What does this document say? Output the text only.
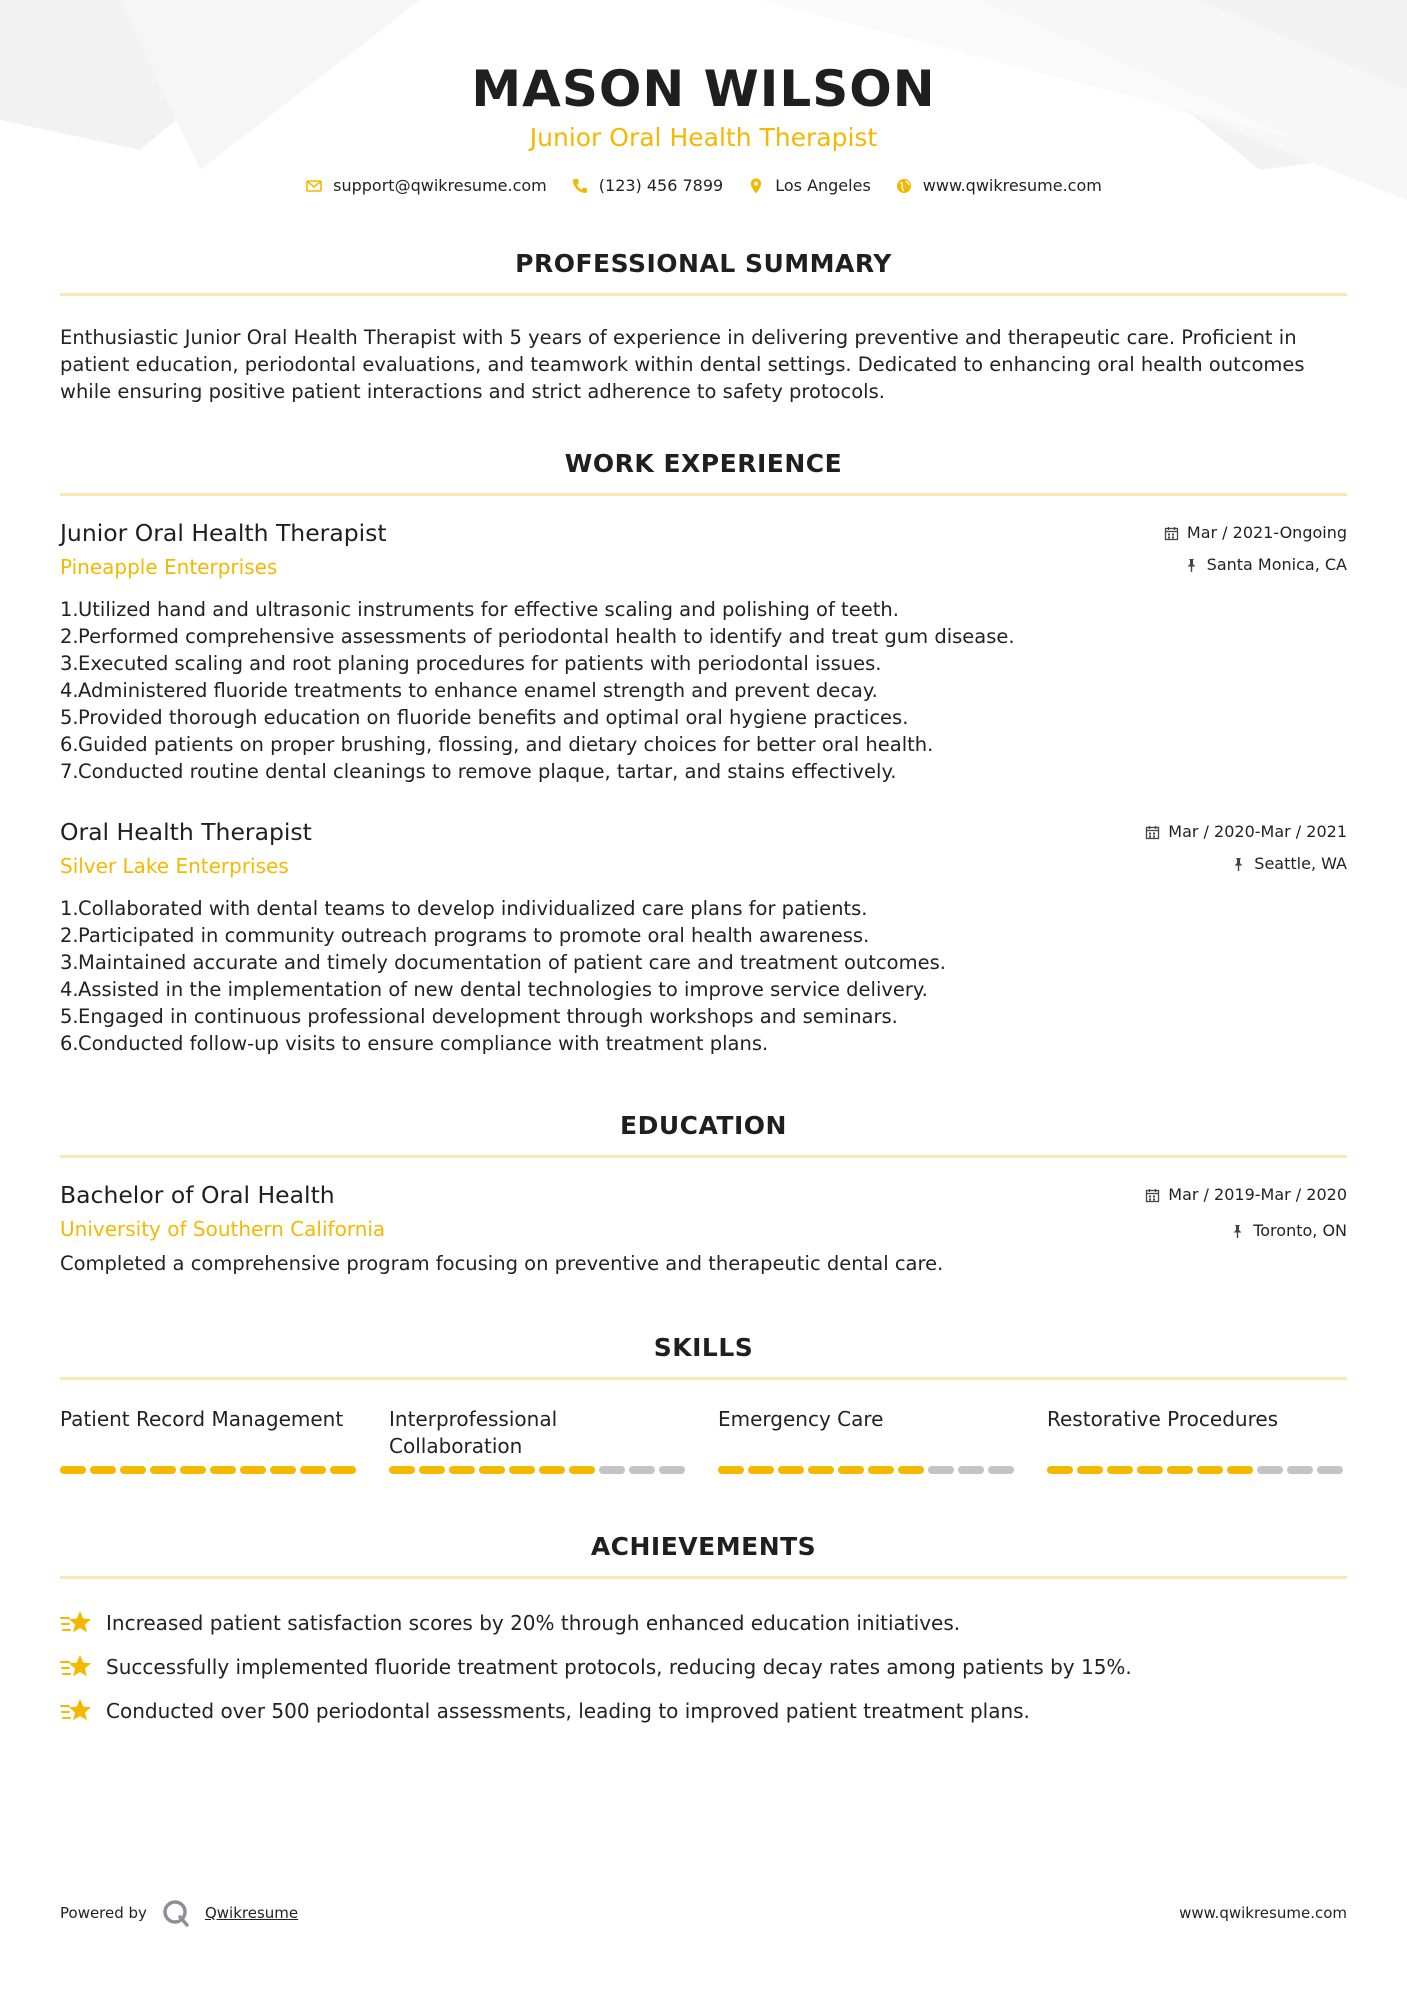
MASON WILSON
Junior Oral Health Therapist
support@qwikresume.com	(123) 456 7899	Los Angeles	www.qwikresume.com
PROFESSIONAL SUMMARY
Enthusiastic Junior Oral Health Therapist with 5 years of experience in delivering preventive and therapeutic care. Proficient in patient education, periodontal evaluations, and teamwork within dental settings. Dedicated to enhancing oral health outcomes while ensuring positive patient interactions and strict adherence to safety protocols.
WORK EXPERIENCE
Junior Oral Health Therapist
Pineapple Enterprises
Mar / 2021-Ongoing
Santa Monica, CA
1. Utilized hand and ultrasonic instruments for effective scaling and polishing of teeth.
2. Performed comprehensive assessments of periodontal health to identify and treat gum disease.
3. Executed scaling and root planing procedures for patients with periodontal issues.
4. Administered fluoride treatments to enhance enamel strength and prevent decay.
5. Provided thorough education on fluoride benefits and optimal oral hygiene practices.
6. Guided patients on proper brushing, flossing, and dietary choices for better oral health.
7. Conducted routine dental cleanings to remove plaque, tartar, and stains effectively.
Oral Health Therapist
Silver Lake Enterprises
Mar / 2020-Mar / 2021
Seattle, WA
1. Collaborated with dental teams to develop individualized care plans for patients.
2. Participated in community outreach programs to promote oral health awareness.
3. Maintained accurate and timely documentation of patient care and treatment outcomes.
4. Assisted in the implementation of new dental technologies to improve service delivery.
5. Engaged in continuous professional development through workshops and seminars.
6. Conducted follow-up visits to ensure compliance with treatment plans.
EDUCATION
Bachelor of Oral Health
University of Southern California
Mar / 2019-Mar / 2020
Toronto, ON
Completed a comprehensive program focusing on preventive and therapeutic dental care.
SKILLS
Patient Record Management	Interprofessional Collaboration
Emergency Care	Restorative Procedures
ACHIEVEMENTS
Increased patient satisfaction scores by 20% through enhanced education initiatives.
Successfully implemented fluoride treatment protocols, reducing decay rates among patients by 15%.
Conducted over 500 periodontal assessments, leading to improved patient treatment plans.
Powered by	Qwikresume	www.qwikresume.com
